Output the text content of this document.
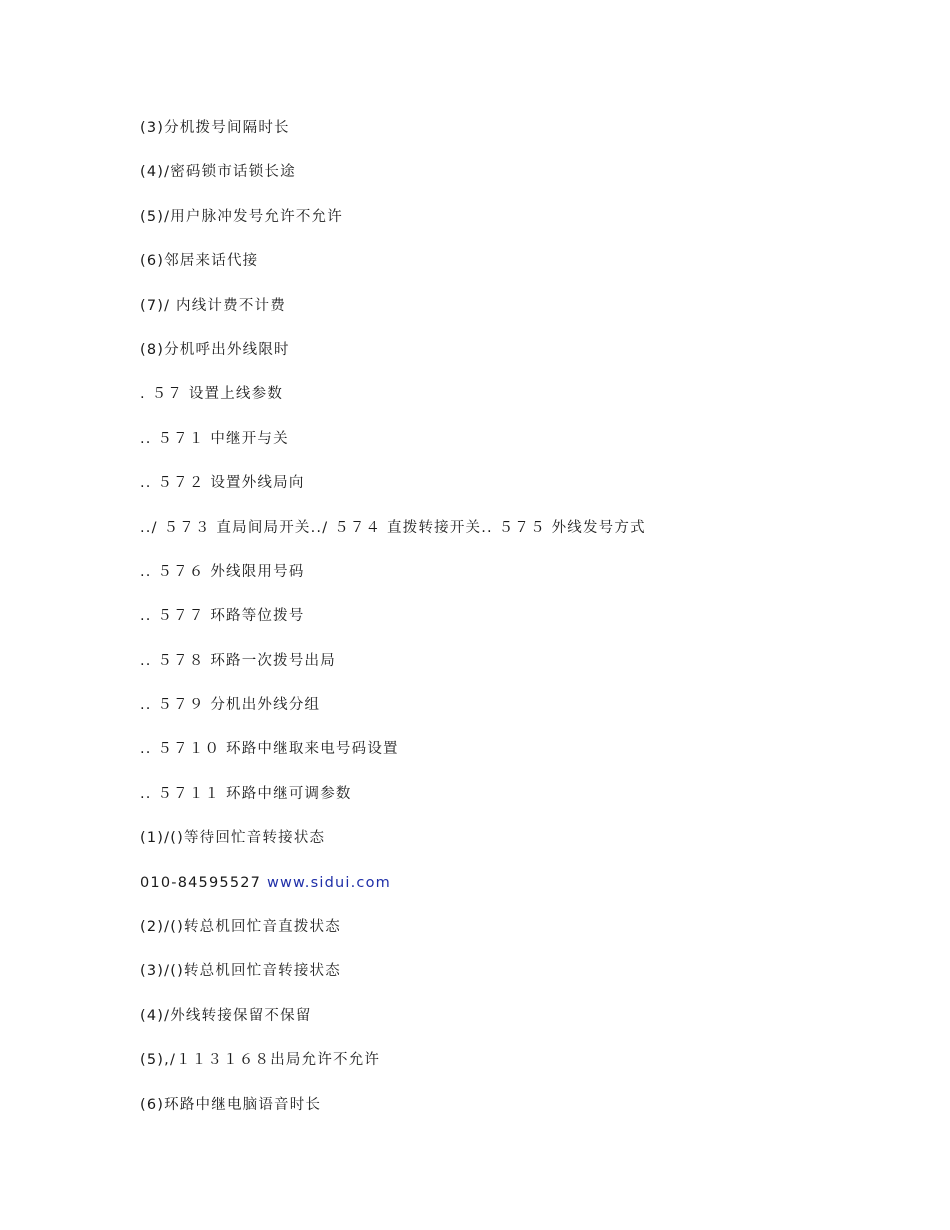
(3)分机拨号间隔时长
(4)/密码锁市话锁长途
(5)/用户脉冲发号允许不允许
(6)邻居来话代接
(7)/ 内线计费不计费
(8)分机呼出外线限时
. ５７ 设置上线参数
.. ５７１ 中继开与关
.. ５７２ 设置外线局向
../ ５７３ 直局间局开关../ ５７４ 直拨转接开关.. ５７５ 外线发号方式
.. ５７６ 外线限用号码
.. ５７７ 环路等位拨号
.. ５７８ 环路一次拨号出局
.. ５７９ 分机出外线分组
.. ５７１０ 环路中继取来电号码设置
.. ５７１１ 环路中继可调参数
(1)/()等待回忙音转接状态
010-84595527 www.sidui.com
(2)/()转总机回忙音直拨状态
(3)/()转总机回忙音转接状态
(4)/外线转接保留不保留
(5),/１１３１６８出局允许不允许
(6)环路中继电脑语音时长
